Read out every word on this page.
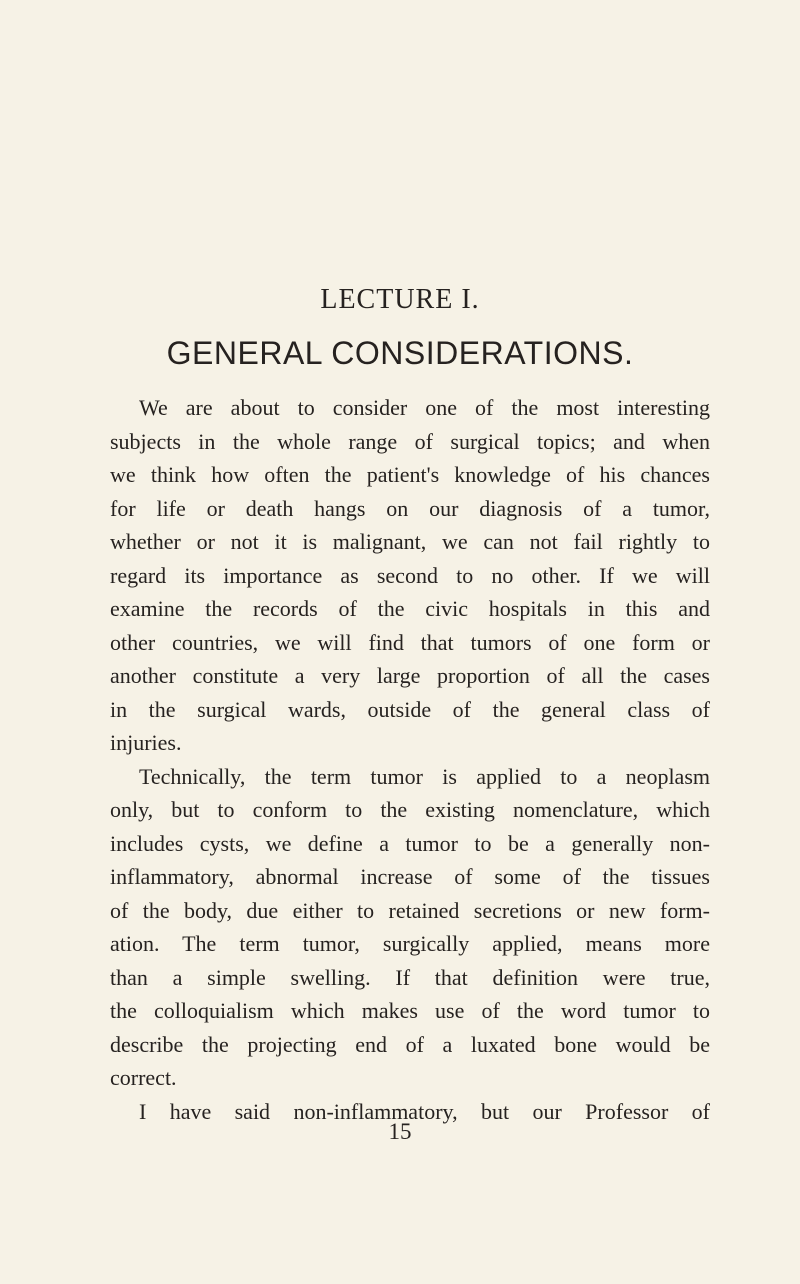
LECTURE I.
GENERAL CONSIDERATIONS.
We are about to consider one of the most interesting
subjects in the whole range of surgical topics; and when
we think how often the patient's knowledge of his chances
for life or death hangs on our diagnosis of a tumor,
whether or not it is malignant, we can not fail rightly to
regard its importance as second to no other. If we will
examine the records of the civic hospitals in this and
other countries, we will find that tumors of one form or
another constitute a very large proportion of all the cases
in the surgical wards, outside of the general class of
injuries.
Technically, the term tumor is applied to a neoplasm
only, but to conform to the existing nomenclature, which
includes cysts, we define a tumor to be a generally non-
inflammatory, abnormal increase of some of the tissues
of the body, due either to retained secretions or new form-
ation. The term tumor, surgically applied, means more
than a simple swelling. If that definition were true,
the colloquialism which makes use of the word tumor to
describe the projecting end of a luxated bone would be
correct.
I have said non-inflammatory, but our Professor of
15
